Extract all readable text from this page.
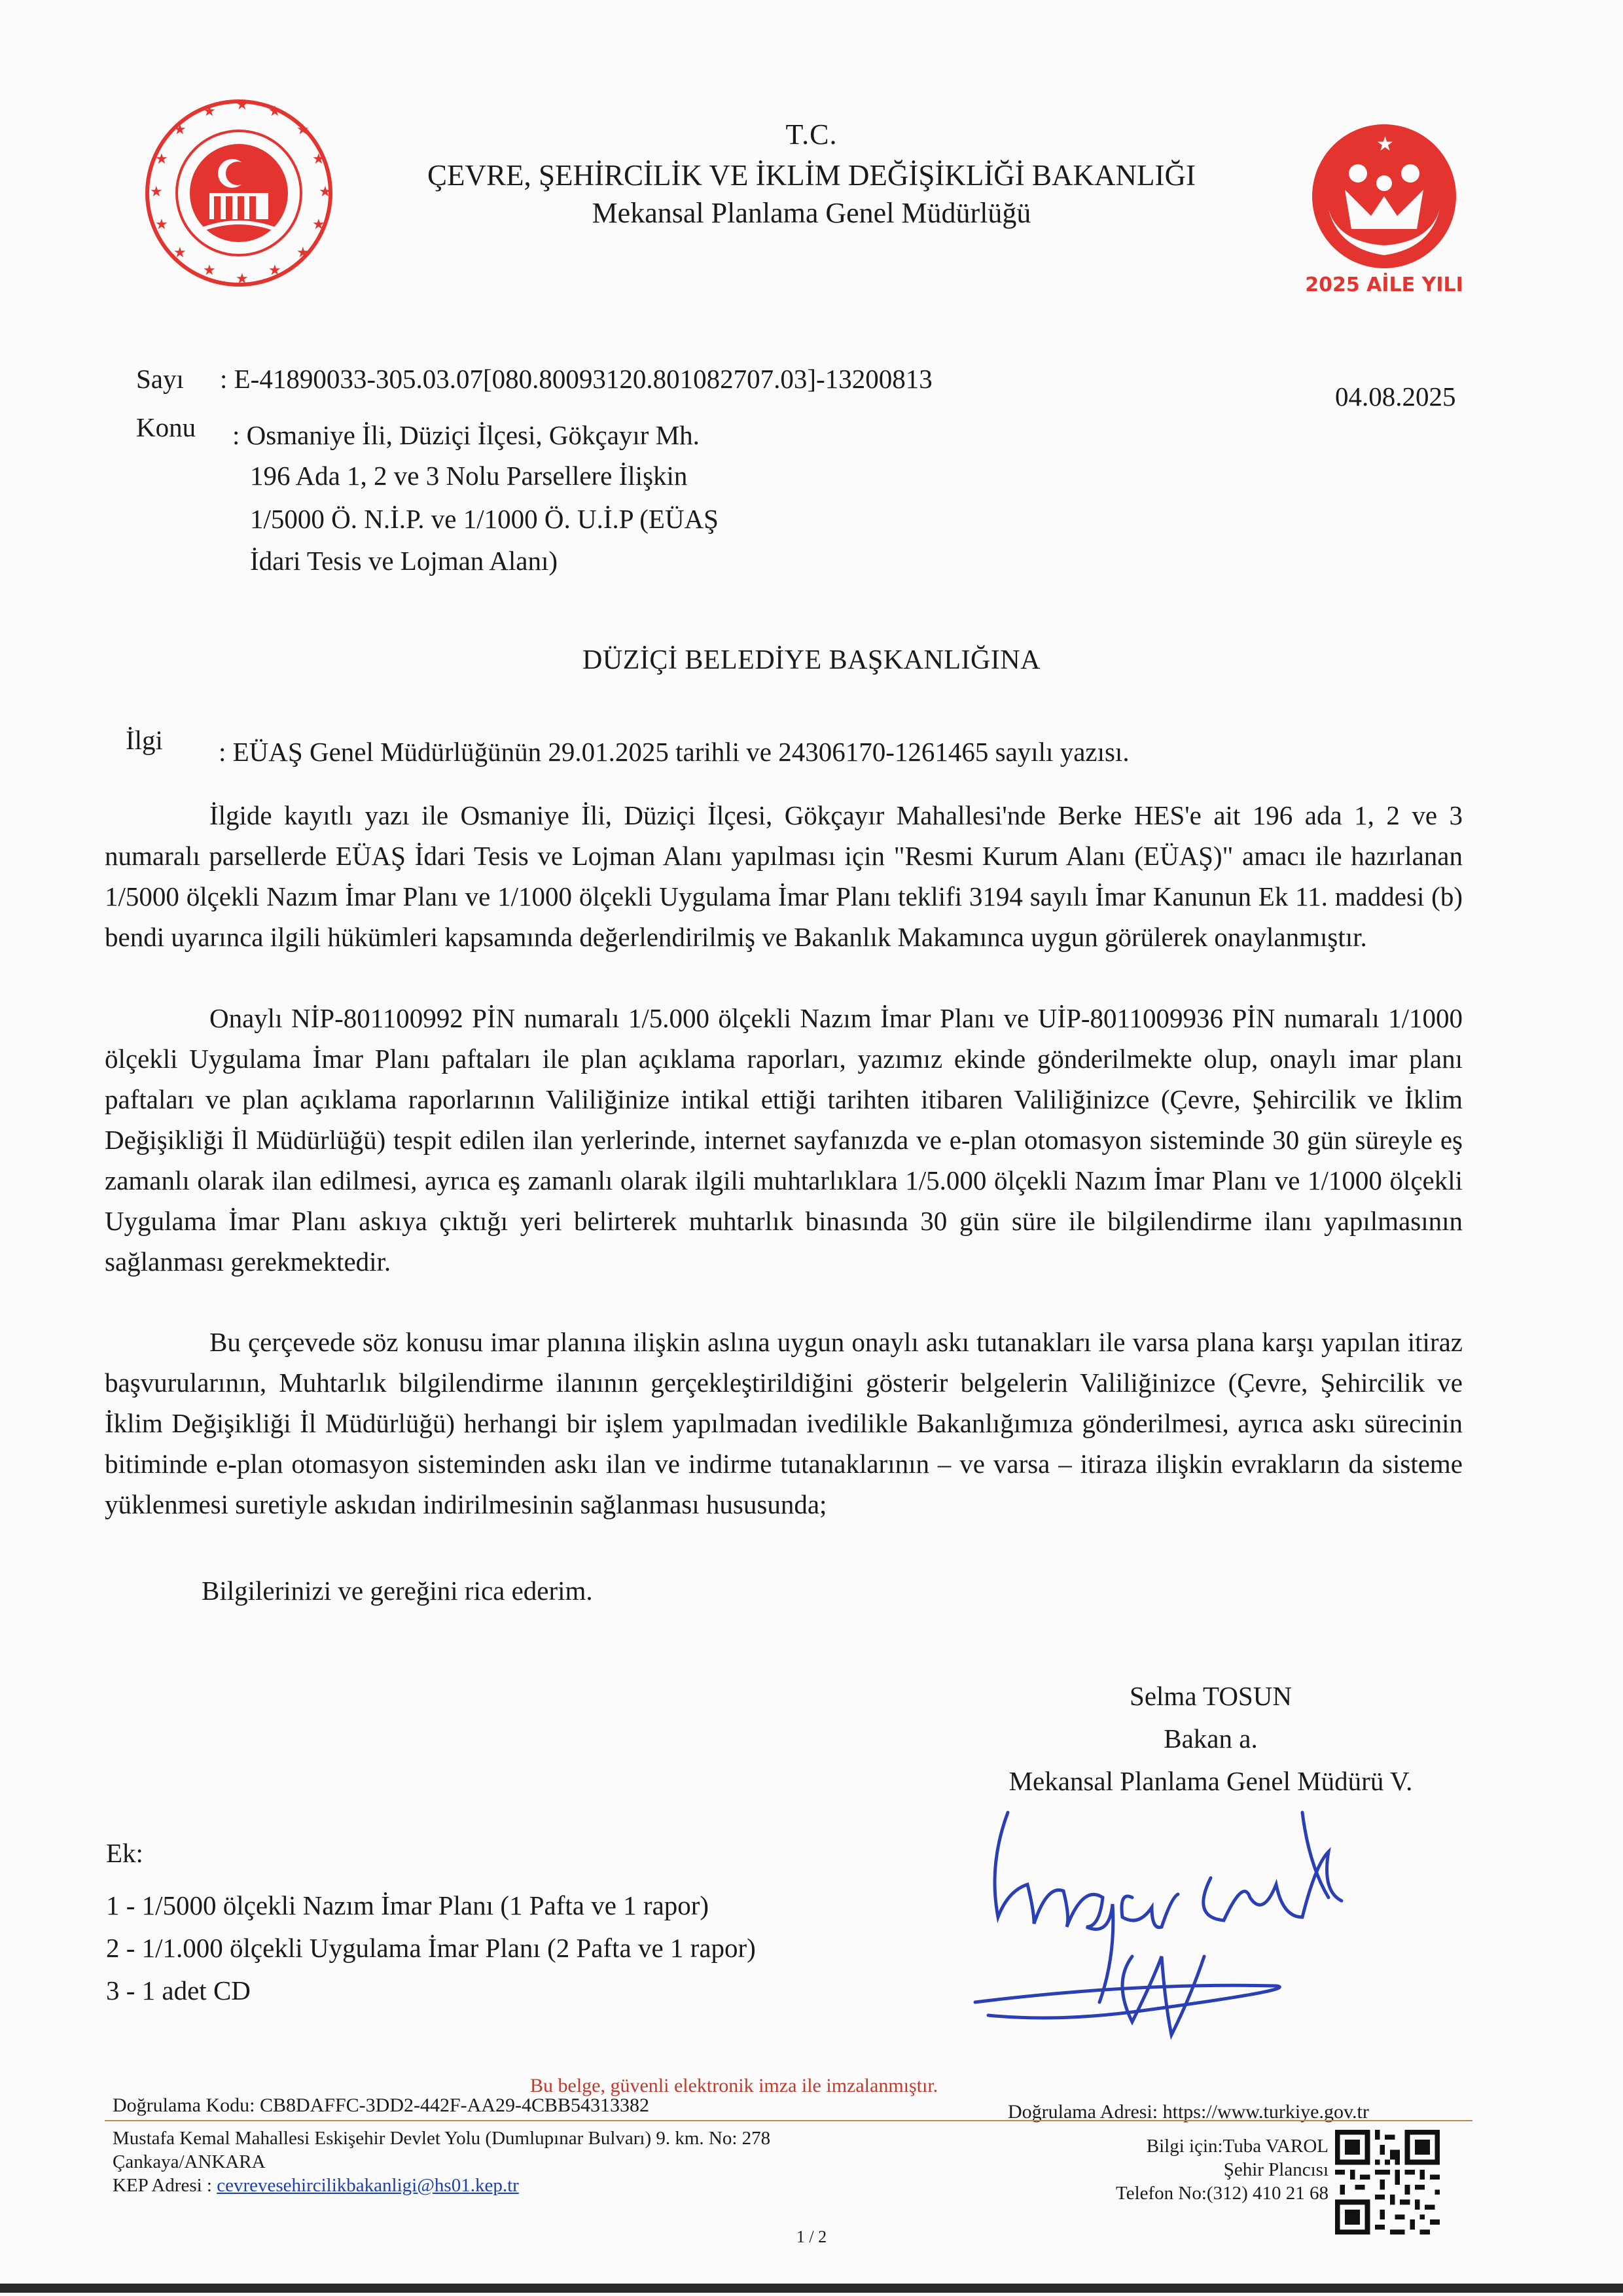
T.C.
ÇEVRE, ŞEHİRCİLİK VE İKLİM DEĞİŞİKLİĞİ BAKANLIĞI
Mekansal Planlama Genel Müdürlüğü
★
★ ★ ★
★
★
★
★
★
★
★
★
★
★
★
★
★
2025 AİLE YILI
Sayı : E-41890033-305.03.07[080.80093120.801082707.03]-13200813
04.08.2025
Konu : Osmaniye İli, Düziçi İlçesi, Gökçayır Mh.
196 Ada 1, 2 ve 3 Nolu Parsellere İlişkin
1/5000 Ö. N.İ.P. ve 1/1000 Ö. U.İ.P (EÜAŞ
İdari Tesis ve Lojman Alanı)
DÜZİÇİ BELEDİYE BAŞKANLIĞINA
İlgi : EÜAŞ Genel Müdürlüğünün 29.01.2025 tarihli ve 24306170-1261465 sayılı yazısı.
İlgide kayıtlı yazı ile Osmaniye İli, Düziçi İlçesi, Gökçayır Mahallesi'nde Berke HES'e ait 196 ada 1, 2 ve 3 numaralı parsellerde EÜAŞ İdari Tesis ve Lojman Alanı yapılması için "Resmi Kurum Alanı (EÜAŞ)" amacı ile hazırlanan 1/5000 ölçekli Nazım İmar Planı ve 1/1000 ölçekli Uygulama İmar Planı teklifi 3194 sayılı İmar Kanunun Ek 11. maddesi (b) bendi uyarınca ilgili hükümleri kapsamında değerlendirilmiş ve Bakanlık Makamınca uygun görülerek onaylanmıştır.
Onaylı NİP-801100992 PİN numaralı 1/5.000 ölçekli Nazım İmar Planı ve UİP-8011009936 PİN numaralı 1/1000 ölçekli Uygulama İmar Planı paftaları ile plan açıklama raporları, yazımız ekinde gönderilmekte olup, onaylı imar planı paftaları ve plan açıklama raporlarının Valiliğinize intikal ettiği tarihten itibaren Valiliğinizce (Çevre, Şehircilik ve İklim Değişikliği İl Müdürlüğü) tespit edilen ilan yerlerinde, internet sayfanızda ve e-plan otomasyon sisteminde 30 gün süreyle eş zamanlı olarak ilan edilmesi, ayrıca eş zamanlı olarak ilgili muhtarlıklara 1/5.000 ölçekli Nazım İmar Planı ve 1/1000 ölçekli Uygulama İmar Planı askıya çıktığı yeri belirterek muhtarlık binasında 30 gün süre ile bilgilendirme ilanı yapılmasının sağlanması gerekmektedir.
Bu çerçevede söz konusu imar planına ilişkin aslına uygun onaylı askı tutanakları ile varsa plana karşı yapılan itiraz başvurularının, Muhtarlık bilgilendirme ilanının gerçekleştirildiğini gösterir belgelerin Valiliğinizce (Çevre, Şehircilik ve İklim Değişikliği İl Müdürlüğü) herhangi bir işlem yapılmadan ivedilikle Bakanlığımıza gönderilmesi, ayrıca askı sürecinin bitiminde e-plan otomasyon sisteminden askı ilan ve indirme tutanaklarının – ve varsa – itiraza ilişkin evrakların da sisteme yüklenmesi suretiyle askıdan indirilmesinin sağlanması hususunda;
Bilgilerinizi ve gereğini rica ederim.
Selma TOSUN
Bakan a.
Mekansal Planlama Genel Müdürü V.
Ek:
1 - 1/5000 ölçekli Nazım İmar Planı (1 Pafta ve 1 rapor)
2 - 1/1.000 ölçekli Uygulama İmar Planı (2 Pafta ve 1 rapor)
3 - 1 adet CD
Bu belge, güvenli elektronik imza ile imzalanmıştır.
Doğrulama Kodu: CB8DAFFC-3DD2-442F-AA29-4CBB54313382	Doğrulama Adresi: https://www.turkiye.gov.tr
Mustafa Kemal Mahallesi Eskişehir Devlet Yolu (Dumlupınar Bulvarı) 9. km. No: 278
Çankaya/ANKARA
KEP Adresi : cevrevesehircilikbakanligi@hs01.kep.tr
Bilgi için:Tuba VAROL
Şehir Plancısı
Telefon No:(312) 410 21 68
1 / 2
